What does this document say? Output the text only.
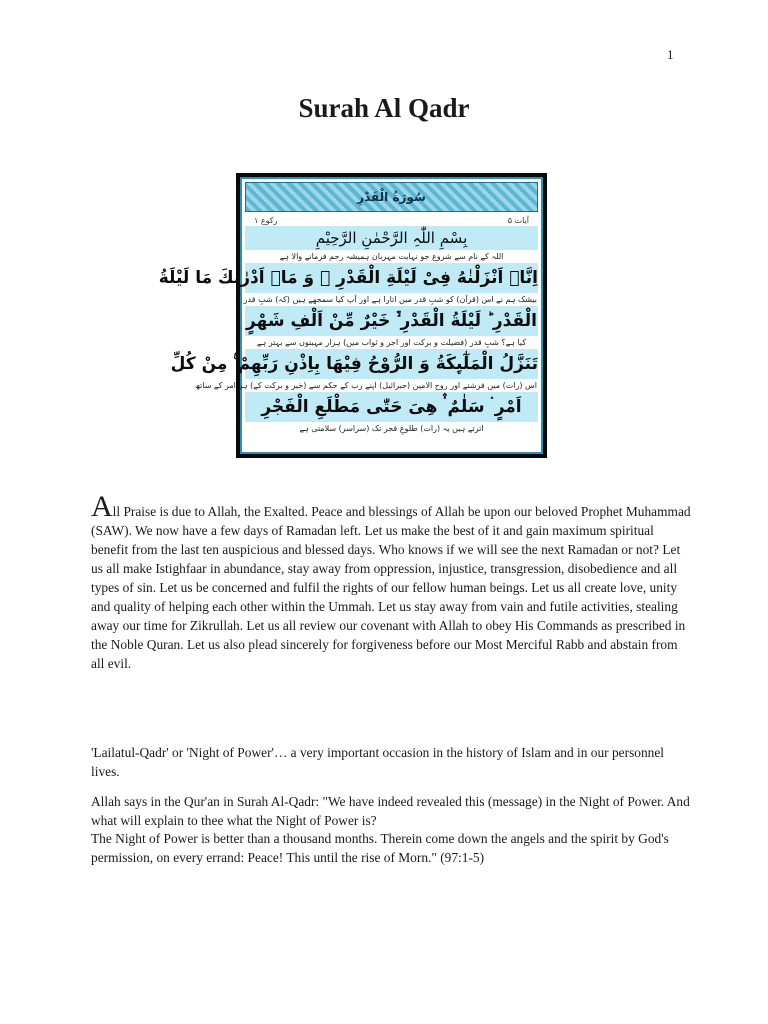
1
Surah Al Qadr
سُورَةُ الْقَدْرِ
آیات ۵
رکوع ۱
بِسْمِ اللّٰہِ الرَّحْمٰنِ الرَّحِیْمِ
اللہ کے نام سے شروع جو نہایت مہربان ہمیشہ رحم فرمانے والا ہے
اِنَّاۤ اَنْزَلْنٰهُ فِیْ لَیْلَةِ الْقَدْرِ ۚ وَ مَاۤ اَدْرٰىكَ مَا لَیْلَةُ
بیشک ہم نے اس (قرآن) کو شبِ قدر میں اتارا ہے اور آپ کیا سمجھے ہیں (کہ) شبِ قدر
الْقَدْرِ ؕ لَیْلَةُ الْقَدْرِ ۙ۬ خَیْرٌ مِّنْ اَلْفِ شَهْرٍ
کیا ہے؟ شبِ قدر (فضیلت و برکت اور اجر و ثواب میں) ہزار مہینوں سے بہتر ہے
تَنَزَّلُ الْمَلٰٓىِٕكَةُ وَ الرُّوْحُ فِیْهَا بِاِذْنِ رَبِّهِمْ ۚ مِنْ كُلِّ
اس (رات) میں فرشتے اور روح الامین (جبرائیل) اپنے رب کے حکم سے (خیر و برکت کے) ہر امر کے ساتھ
اَمْرٍ ۛ سَلٰمٌ ۛ۫ هِیَ حَتّٰى مَطْلَعِ الْفَجْرِ
اترتے ہیں یہ (رات) طلوعِ فجر تک (سراسر) سلامتی ہے

All Praise is due to Allah, the Exalted. Peace and blessings of Allah be upon our beloved Prophet Muhammad (SAW). We now have a few days of Ramadan left. Let us make the best of it and gain maximum spiritual benefit from the last ten auspicious and blessed days. Who knows if we will see the next Ramadan or not? Let us all make Istighfaar in abundance, stay away from oppression, injustice, transgression, disobedience and all types of sin. Let us be concerned and fulfil the rights of our fellow human beings. Let us all create love, unity and quality of helping each other within the Ummah. Let us stay away from vain and futile activities, stealing away our time for Zikrullah. Let us all review our covenant with Allah to obey His Commands as prescribed in the Noble Quran. Let us also plead sincerely for forgiveness before our Most Merciful Rabb and abstain from all evil.

'Lailatul-Qadr' or 'Night of Power'… a very important occasion in the history of Islam and in our personnel lives.

Allah says in the Qur'an in Surah Al-Qadr: "We have indeed revealed this (message) in the Night of Power. And what will explain to thee what the Night of Power is?

The Night of Power is better than a thousand months. Therein come down the angels and the spirit by God's permission, on every errand: Peace! This until the rise of Morn." (97:1-5)
